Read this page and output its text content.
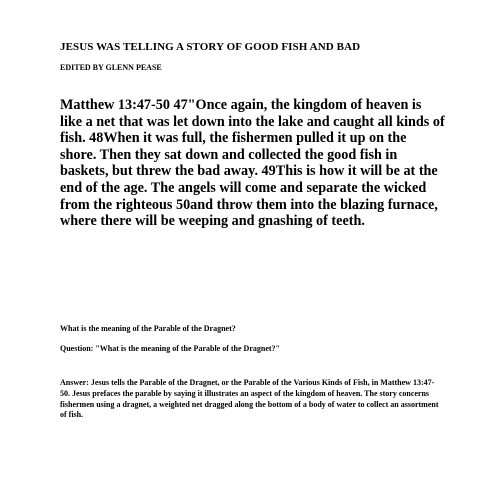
JESUS WAS TELLING A STORY OF GOOD FISH AND BAD
EDITED BY GLENN PEASE

Matthew 13:47-50 47"Once again, the kingdom of heaven is like a net that was let down into the lake and caught all kinds of fish. 48When it was full, the fishermen pulled it up on the shore. Then they sat down and collected the good fish in baskets, but threw the bad away. 49This is how it will be at the end of the age. The angels will come and separate the wicked from the righteous 50and throw them into the blazing furnace, where there will be weeping and gnashing of teeth.

What is the meaning of the Parable of the Dragnet?
Question: "What is the meaning of the Parable of the Dragnet?"

Answer: Jesus tells the Parable of the Dragnet, or the Parable of the Various Kinds of Fish, in Matthew 13:47-50. Jesus prefaces the parable by saying it illustrates an aspect of the kingdom of heaven. The story concerns fishermen using a dragnet, a weighted net dragged along the bottom of a body of water to collect an assortment of fish.
